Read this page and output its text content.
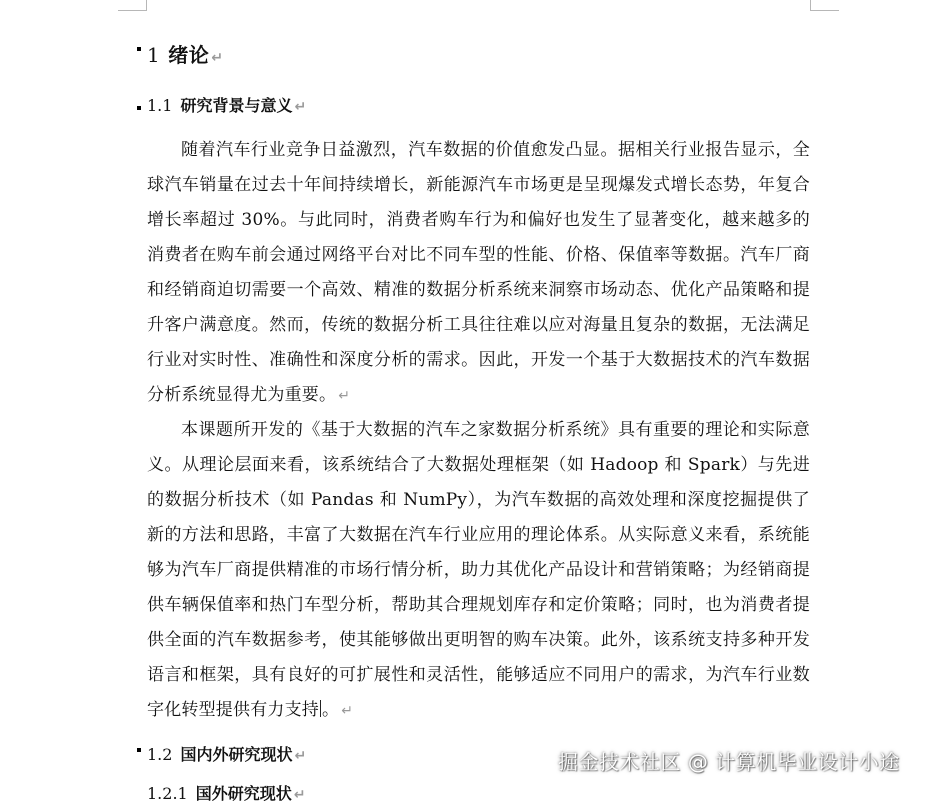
1 绪论 ↵
1.1 研究背景与意义 ↵

随着汽车行业竞争日益激烈，汽车数据的价值愈发凸显。据相关行业报告显示，全球汽车销量在过去十年间持续增长，新能源汽车市场更是呈现爆发式增长态势，年复合增长率超过 30%。与此同时，消费者购车行为和偏好也发生了显著变化，越来越多的消费者在购车前会通过网络平台对比不同车型的性能、价格、保值率等数据。汽车厂商和经销商迫切需要一个高效、精准的数据分析系统来洞察市场动态、优化产品策略和提升客户满意度。然而，传统的数据分析工具往往难以应对海量且复杂的数据，无法满足行业对实时性、准确性和深度分析的需求。因此，开发一个基于大数据技术的汽车数据分析系统显得尤为重要。 ↵

本课题所开发的《基于大数据的汽车之家数据分析系统》具有重要的理论和实际意义。从理论层面来看，该系统结合了大数据处理框架（如 Hadoop 和 Spark）与先进的数据分析技术（如 Pandas 和 NumPy），为汽车数据的高效处理和深度挖掘提供了新的方法和思路，丰富了大数据在汽车行业应用的理论体系。从实际意义来看，系统能够为汽车厂商提供精准的市场行情分析，助力其优化产品设计和营销策略；为经销商提供车辆保值率和热门车型分析，帮助其合理规划库存和定价策略；同时，也为消费者提供全面的汽车数据参考，使其能够做出更明智的购车决策。此外，该系统支持多种开发语言和框架，具有良好的可扩展性和灵活性，能够适应不同用户的需求，为汽车行业数字化转型提供有力支持 。 ↵

1.2 国内外研究现状 ↵
1.2.1 国外研究现状 ↵
掘金技术社区 @ 计算机毕业设计小途
